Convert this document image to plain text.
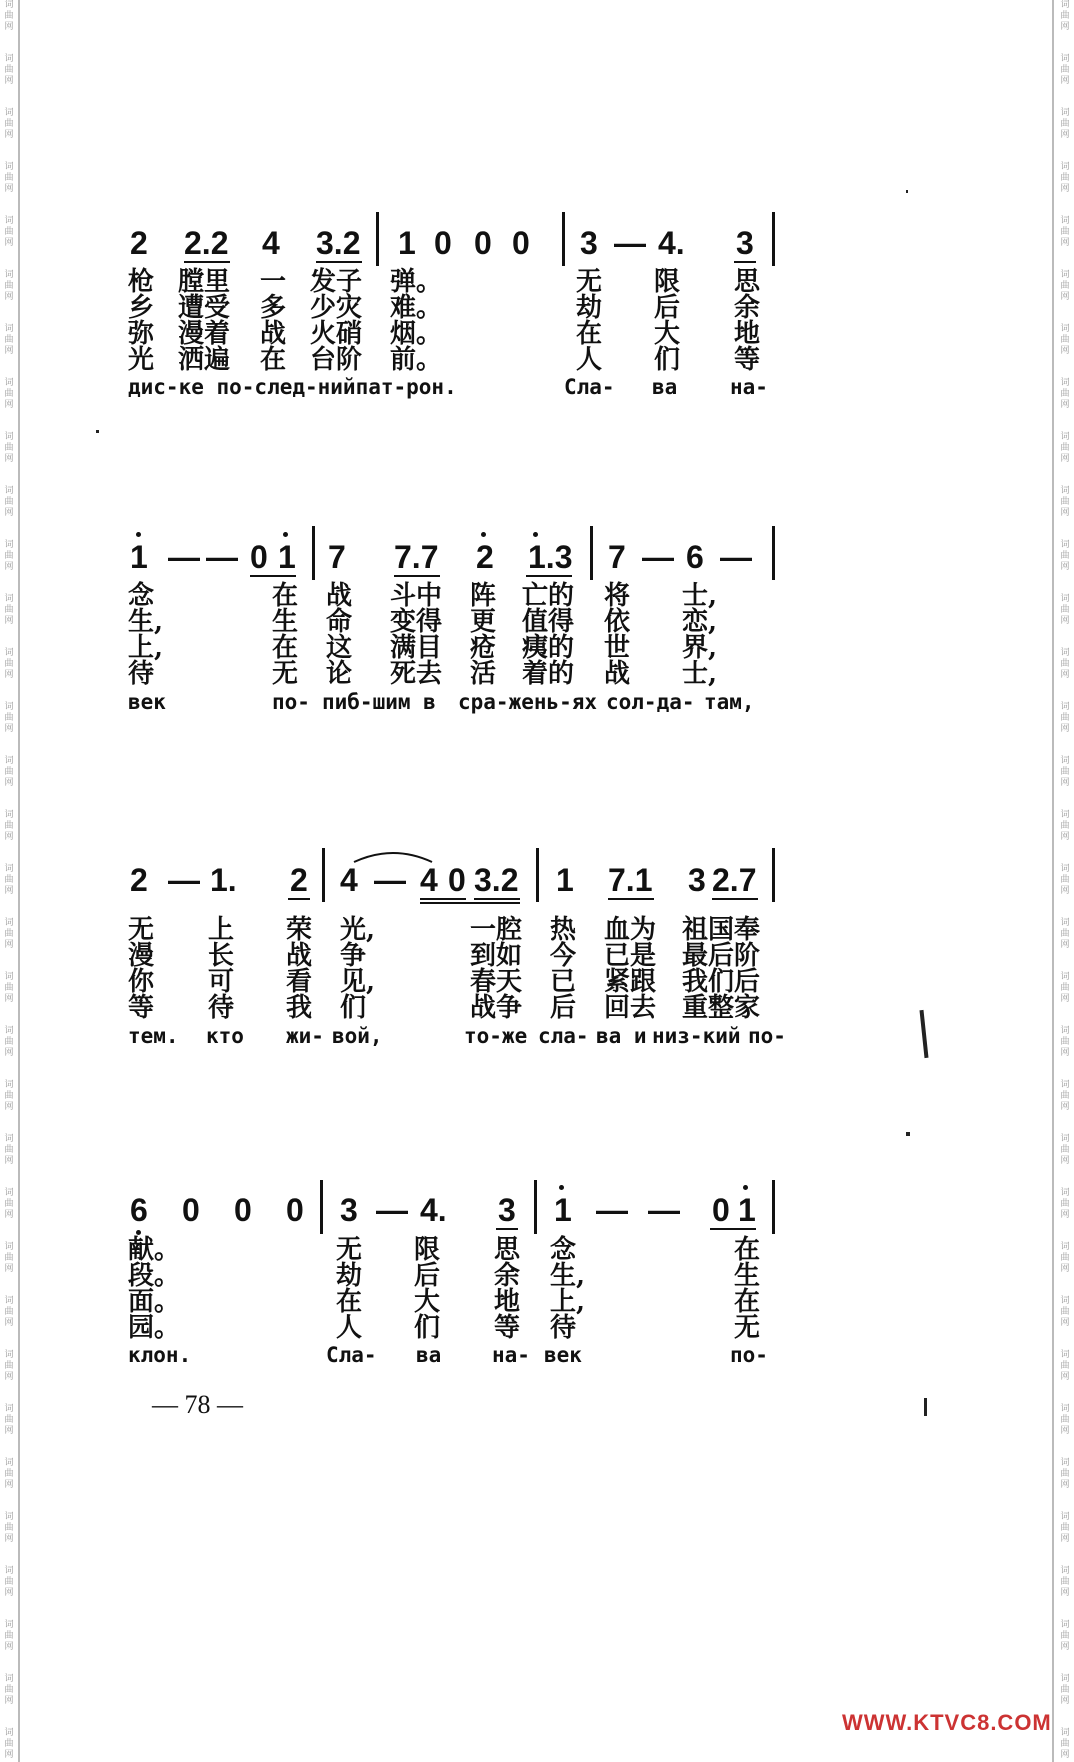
词
曲
网
词
曲
网
词
曲
网
词
曲
网
词
曲
网
词
曲
网
词
曲
网
词
曲
网
词
曲
网
词
曲
网
词
曲
网
词
曲
网
词
曲
网
词
曲
网
词
曲
网
词
曲
网
词
曲
网
词
曲
网
词
曲
网
词
曲
网
词
曲
网
词
曲
网
词
曲
网
词
曲
网
词
曲
网
词
曲
网
词
曲
网
词
曲
网
词
曲
网
词
曲
网
词
曲
网
词
曲
网
词
曲
网
词
曲
网
词
曲
网
词
曲
网
词
曲
网
词
曲
网
词
曲
网
词
曲
网
词
曲
网
词
曲
网
词
曲
网
词
曲
网
词
曲
网
词
曲
网
词
曲
网
词
曲
网
词
曲
网
词
曲
网
词
曲
网
词
曲
网
词
曲
网
词
曲
网
词
曲
网
词
曲
网
词
曲
网
词
曲
网
词
曲
网
词
曲
网
词
曲
网
词
曲
网
词
曲
网
词
曲
网
词
曲
网
词
曲
网
2 2.2 4 3.2 1 0 0 0 3 — 4. 3
枪 膛里 一 发子 弹。	无 限 思
乡 遭受 多 少灾 难。	劫 后 余
弥 漫着 战 火硝 烟。	在 大 地
光 洒遍 在 台阶 前。	人 们 等
дис-ке по-след-нийпат-рон.	Сла- ва	на-
1 — — 0 1 7 7.7 2 1.3 7 — 6 —
念	在 战 斗中 阵 亡的 将 士,
生,	生 命 变得 更 值得 依 恋,
上,	在 这 满目 疮 痍的 世 界,
待	无 论 死去 活 着的 战 士,
век	по- пиб-шим в сра-жень-ях сол-да- там,
2 — 1. 2 4 — 4 0 3.2 1 7.1 3 2.7
无 上 荣 光,	一腔 热 血为 祖国奉
漫 长 战 争	到如 今 已是 最后阶
你 可 看 见,	春天 已 紧跟 我们后
等 待 我 们	战争 后 回去 重整家
тем. кто жи- вой,	то-же сла- ва и низ-кий по-
6 0 0 0 3 — 4. 3 1 — — 0 1
献。	无 限 思 念	在
段。	劫 后 余 生,	生
面。	在 大 地 上,	在
园。	人 们 等 待	无
клон.	Сла- ва на- век	по-
— 78 —
WWW.KTVC8.COM
